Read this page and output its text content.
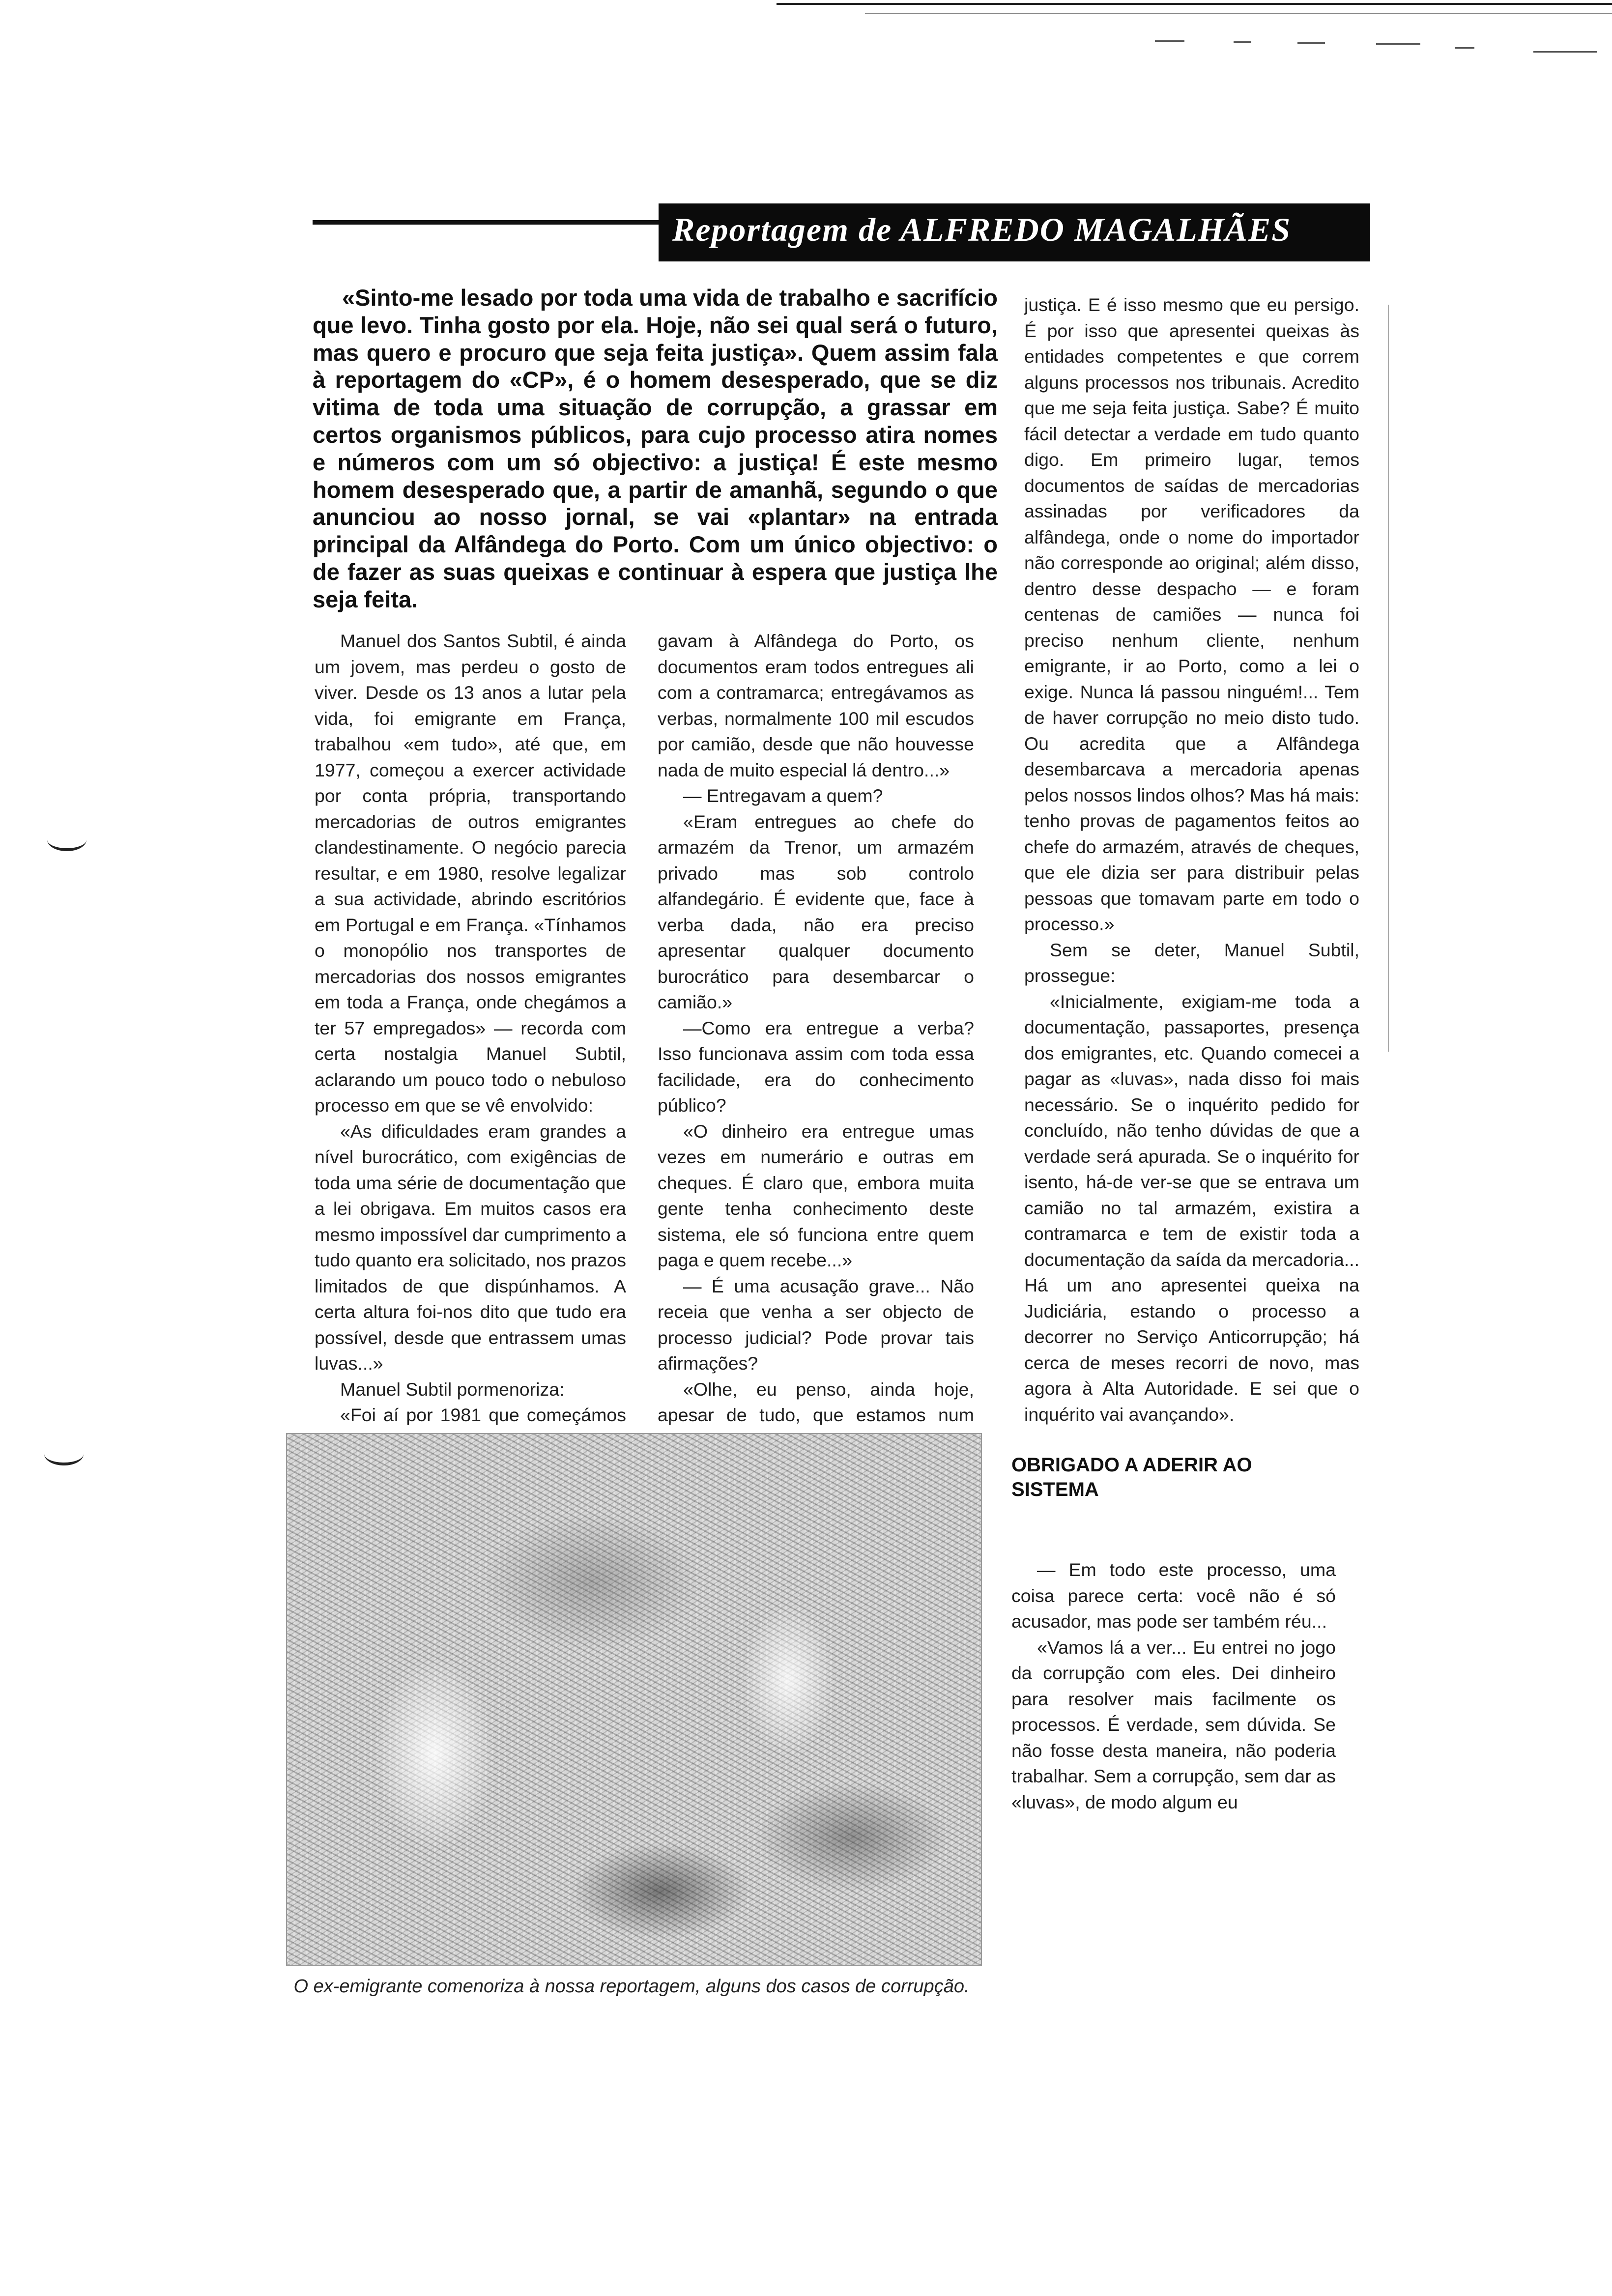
Reportagem de ALFREDO MAGALHÃES

«Sinto-me lesado por toda uma vida de trabalho e sacrifício que levo. Tinha gosto por ela. Hoje, não sei qual será o futuro, mas quero e procuro que seja feita justiça». Quem assim fala à reportagem do «CP», é o homem desesperado, que se diz vitima de toda uma situação de corrupção, a grassar em certos organismos públicos, para cujo processo atira nomes e números com um só objectivo: a justiça! É este mesmo homem desesperado que, a partir de amanhã, segundo o que anunciou ao nosso jornal, se vai «plantar» na entrada principal da Alfândega do Porto. Com um único objectivo: o de fazer as suas queixas e continuar à espera que justiça lhe seja feita.

Manuel dos Santos Subtil, é ainda um jovem, mas perdeu o gosto de viver. Desde os 13 anos a lutar pela vida, foi emigrante em França, trabalhou «em tudo», até que, em 1977, começou a exercer actividade por conta própria, transportando mercadorias de outros emigrantes clandestinamente. O negócio parecia resultar, e em 1980, resolve legalizar a sua actividade, abrindo escritórios em Portugal e em França. «Tínhamos o monopólio nos transportes de mercadorias dos nossos emigrantes em toda a França, onde chegámos a ter 57 empregados» — recorda com certa nostalgia Manuel Subtil, aclarando um pouco todo o nebuloso processo em que se vê envolvido:

«As dificuldades eram grandes a nível burocrático, com exigências de toda uma série de documentação que a lei obrigava. Em muitos casos era mesmo impossível dar cumprimento a tudo quanto era solicitado, nos prazos limitados de que dispúnhamos. A certa altura foi-nos dito que tudo era possível, desde que entrassem umas luvas...»

Manuel Subtil pormenoriza:

«Foi aí por 1981 que começámos

gavam à Alfândega do Porto, os documentos eram todos entregues ali com a contramarca; entregávamos as verbas, normalmente 100 mil escudos por camião, desde que não houvesse nada de muito especial lá dentro...»

— Entregavam a quem?

«Eram entregues ao chefe do armazém da Trenor, um armazém privado mas sob controlo alfandegário. É evidente que, face à verba dada, não era preciso apresentar qualquer documento burocrático para desembarcar o camião.»

—Como era entregue a verba? Isso funcionava assim com toda essa facilidade, era do conhecimento público?

«O dinheiro era entregue umas vezes em numerário e outras em cheques. É claro que, embora muita gente tenha conhecimento deste sistema, ele só funciona entre quem paga e quem recebe...»

— É uma acusação grave... Não receia que venha a ser objecto de processo judicial? Pode provar tais afirmações?

«Olhe, eu penso, ainda hoje, apesar de tudo, que estamos num

justiça. E é isso mesmo que eu persigo. É por isso que apresentei queixas às entidades competentes e que correm alguns processos nos tribunais. Acredito que me seja feita justiça. Sabe? É muito fácil detectar a verdade em tudo quanto digo. Em primeiro lugar, temos documentos de saídas de mercadorias assinadas por verificadores da alfândega, onde o nome do importador não corresponde ao original; além disso, dentro desse despacho — e foram centenas de camiões — nunca foi preciso nenhum cliente, nenhum emigrante, ir ao Porto, como a lei o exige. Nunca lá passou ninguém!... Tem de haver corrupção no meio disto tudo. Ou acredita que a Alfândega desembarcava a mercadoria apenas pelos nossos lindos olhos? Mas há mais: tenho provas de pagamentos feitos ao chefe do armazém, através de cheques, que ele dizia ser para distribuir pelas pessoas que tomavam parte em todo o processo.»

Sem se deter, Manuel Subtil, prossegue:

«Inicialmente, exigiam-me toda a documentação, passaportes, presença dos emigrantes, etc. Quando comecei a pagar as «luvas», nada disso foi mais necessário. Se o inquérito pedido for concluído, não tenho dúvidas de que a verdade será apurada. Se o inquérito for isento, há-de ver-se que se entrava um camião no tal armazém, existira a contramarca e tem de existir toda a documentação da saída da mercadoria... Há um ano apresentei queixa na Judiciária, estando o processo a decorrer no Serviço Anticorrupção; há cerca de meses recorri de novo, mas agora à Alta Autoridade. E sei que o inquérito vai avançando».

OBRIGADO A ADERIR AO SISTEMA

— Em todo este processo, uma coisa parece certa: você não é só acusador, mas pode ser também réu...

«Vamos lá a ver... Eu entrei no jogo da corrupção com eles. Dei dinheiro para resolver mais facilmente os processos. É verdade, sem dúvida. Se não fosse desta maneira, não poderia trabalhar. Sem a corrupção, sem dar as «luvas», de modo algum eu

O ex-emigrante comenoriza à nossa reportagem, alguns dos casos de corrupção.
